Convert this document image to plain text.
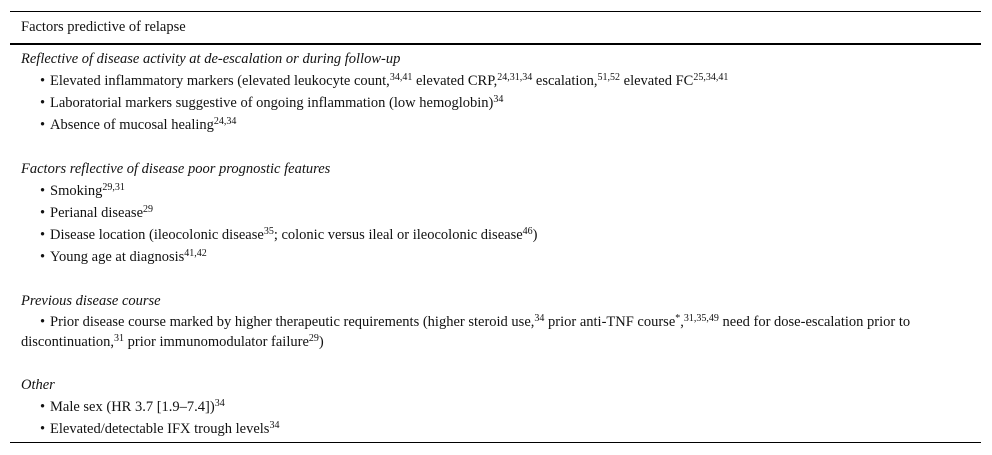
Factors predictive of relapse
Reflective of disease activity at de-escalation or during follow-up
• Elevated inflammatory markers (elevated leukocyte count,$^{34,41}$ elevated CRP,$^{24,31,34}$ escalation,$^{51,52}$ elevated FC$^{25,34,41}$
• Laboratorial markers suggestive of ongoing inflammation (low hemoglobin)$^{34}$
• Absence of mucosal healing$^{24,34}$
Factors reflective of disease poor prognostic features
• Smoking$^{29,31}$
• Perianal disease$^{29}$
• Disease location (ileocolonic disease$^{35}$; colonic versus ileal or ileocolonic disease$^{46}$)
• Young age at diagnosis$^{41,42}$
Previous disease course
• Prior disease course marked by higher therapeutic requirements (higher steroid use,$^{34}$ prior anti-TNF course*,$^{31,35,49}$ need for dose-escalation prior to discontinuation,$^{31}$ prior immunomodulator failure$^{29}$)
Other
• Male sex (HR 3.7 [1.9–7.4])$^{34}$
• Elevated/detectable IFX trough levels$^{34}$
